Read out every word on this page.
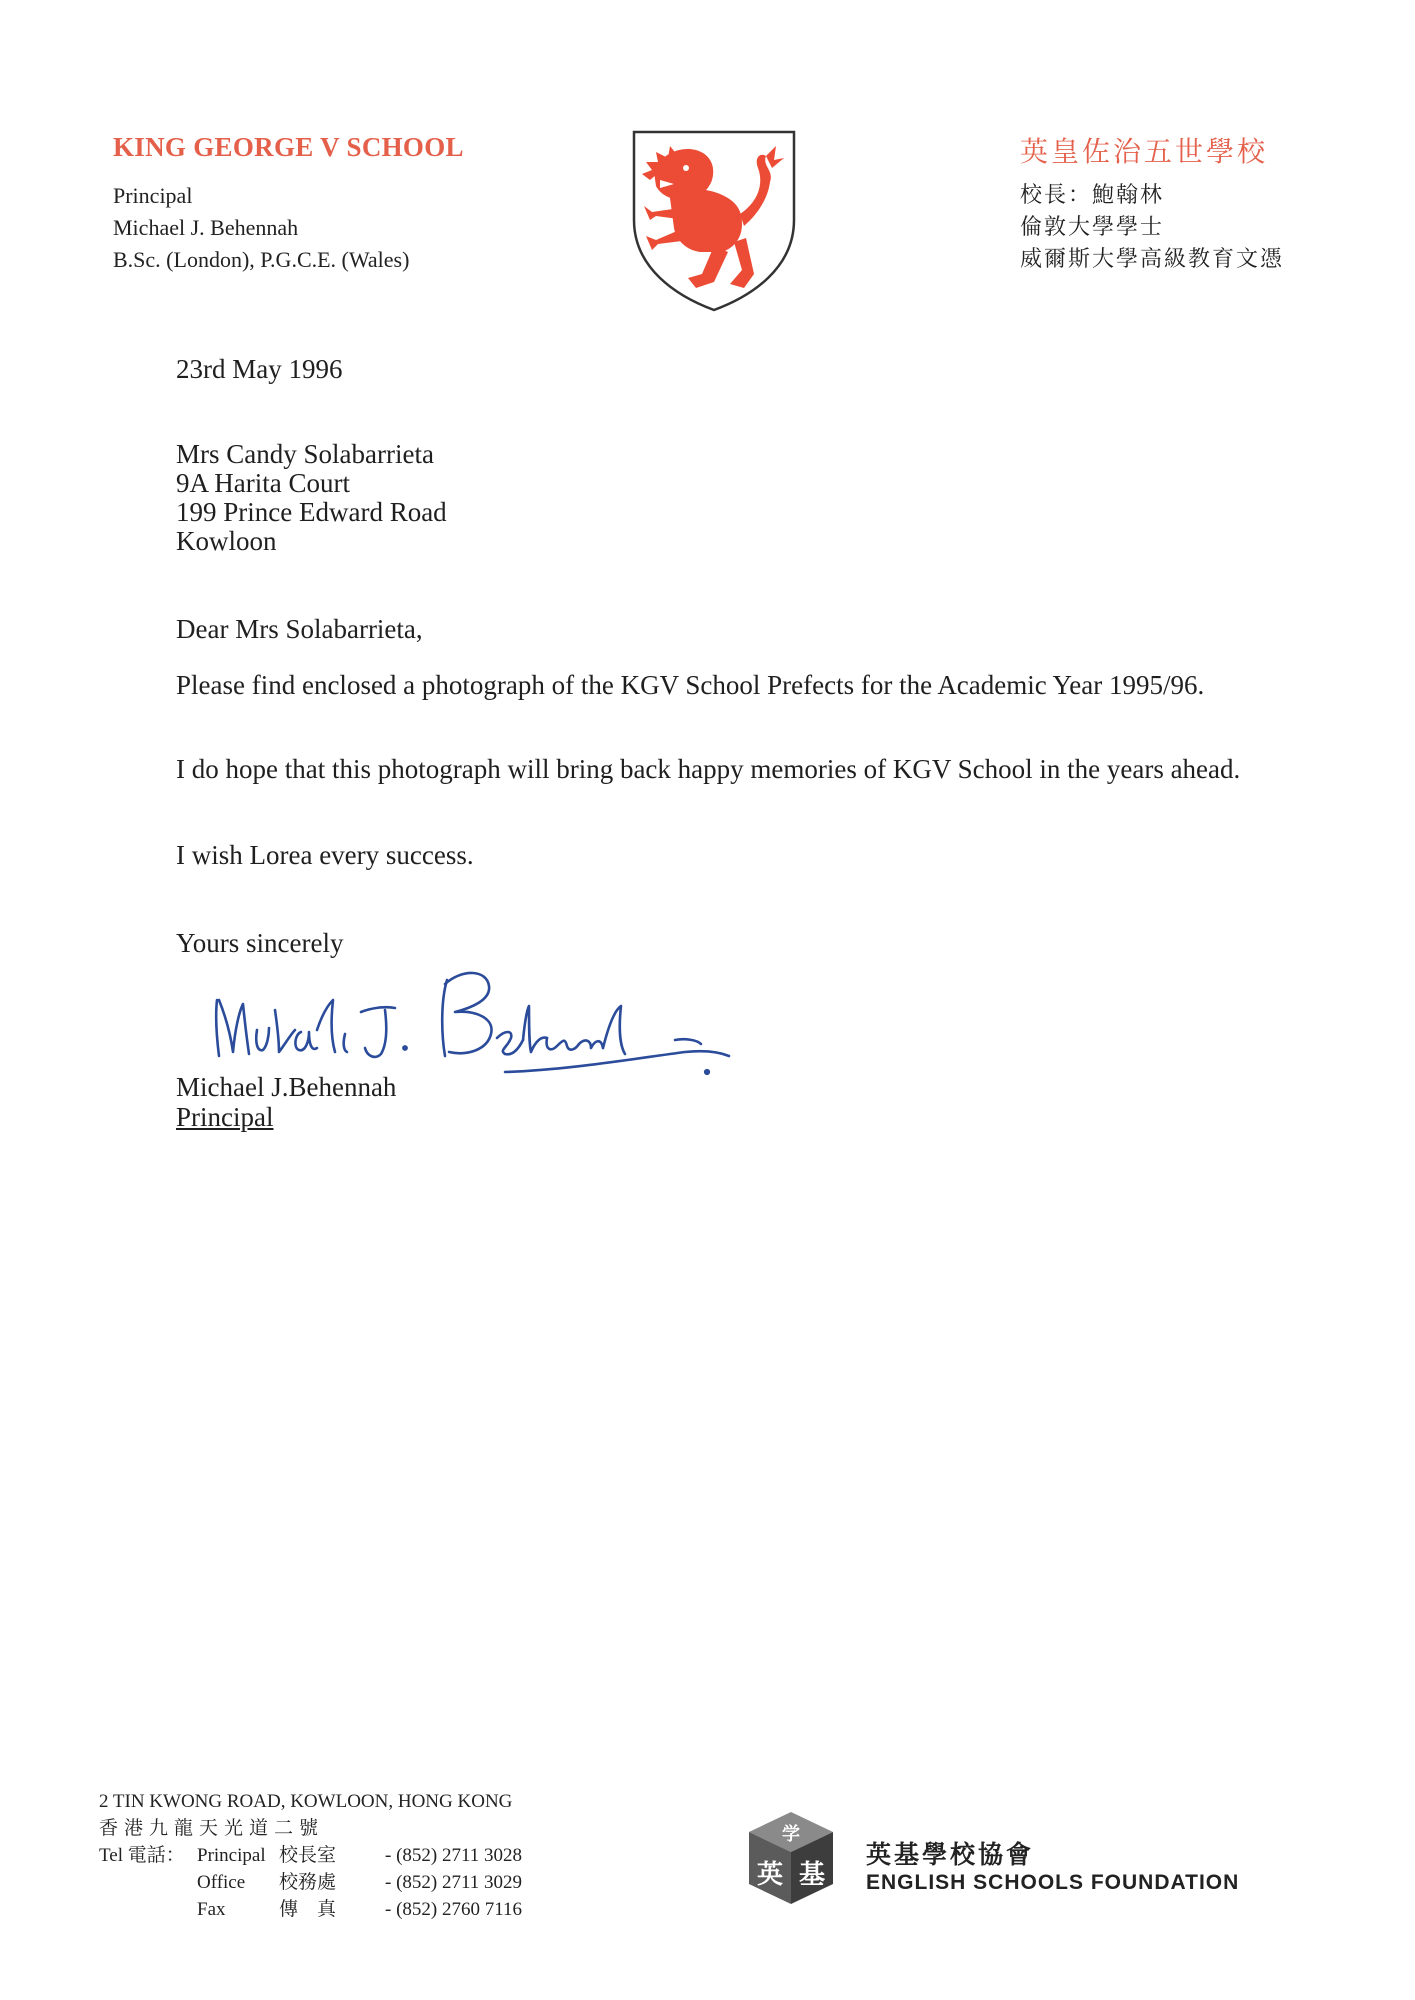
KING GEORGE V SCHOOL
Principal
Michael J. Behennah
B.Sc. (London), P.G.C.E. (Wales)
英皇佐治五世學校
校長：鮑翰林
倫敦大學學士
威爾斯大學高級教育文憑
23rd May 1996
Mrs Candy Solabarrieta
9A Harita Court
199 Prince Edward Road
Kowloon
Dear Mrs Solabarrieta,
Please find enclosed a photograph of the KGV School Prefects for the Academic Year 1995/96.
I do hope that this photograph will bring back happy memories of KGV School in the years ahead.
I wish Lorea every success.
Yours sincerely
Michael J.Behennah
Principal
2 TIN KWONG ROAD, KOWLOON, HONG KONG
香港九龍天光道二號
Tel 電話： Principal 校長室	- (852) 2711 3028
Office	校務處	- (852) 2711 3029
Fax	傳　真	- (852) 2760 7116
英 基
学
英基學校協會
ENGLISH SCHOOLS FOUNDATION
